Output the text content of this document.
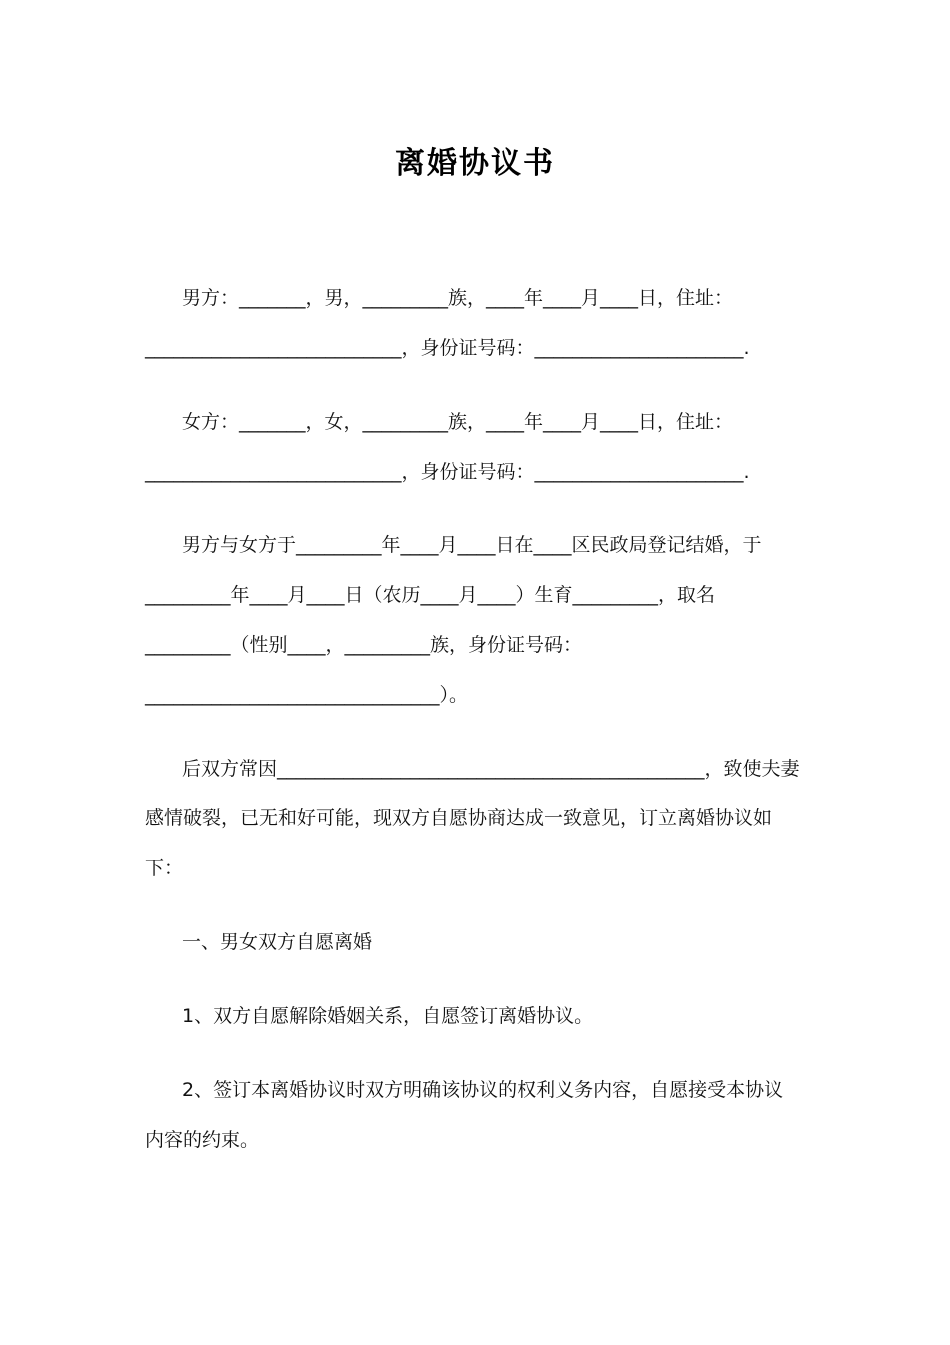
离婚协议书
男方：_______，男，_________族，____年____月____日，住址：
___________________________，身份证号码：______________________.
女方：_______，女，_________族，____年____月____日，住址：
___________________________，身份证号码：______________________.
男方与女方于_________年____月____日在____区民政局登记结婚，于
_________年____月____日（农历____月____）生育_________，取名
_________（性别____，_________族，身份证号码：
_______________________________）。
后双方常因_____________________________________________，致使夫妻
感情破裂，已无和好可能，现双方自愿协商达成一致意见，订立离婚协议如
下：
一、男女双方自愿离婚
1、双方自愿解除婚姻关系，自愿签订离婚协议。
2、签订本离婚协议时双方明确该协议的权利义务内容，自愿接受本协议
内容的约束。
